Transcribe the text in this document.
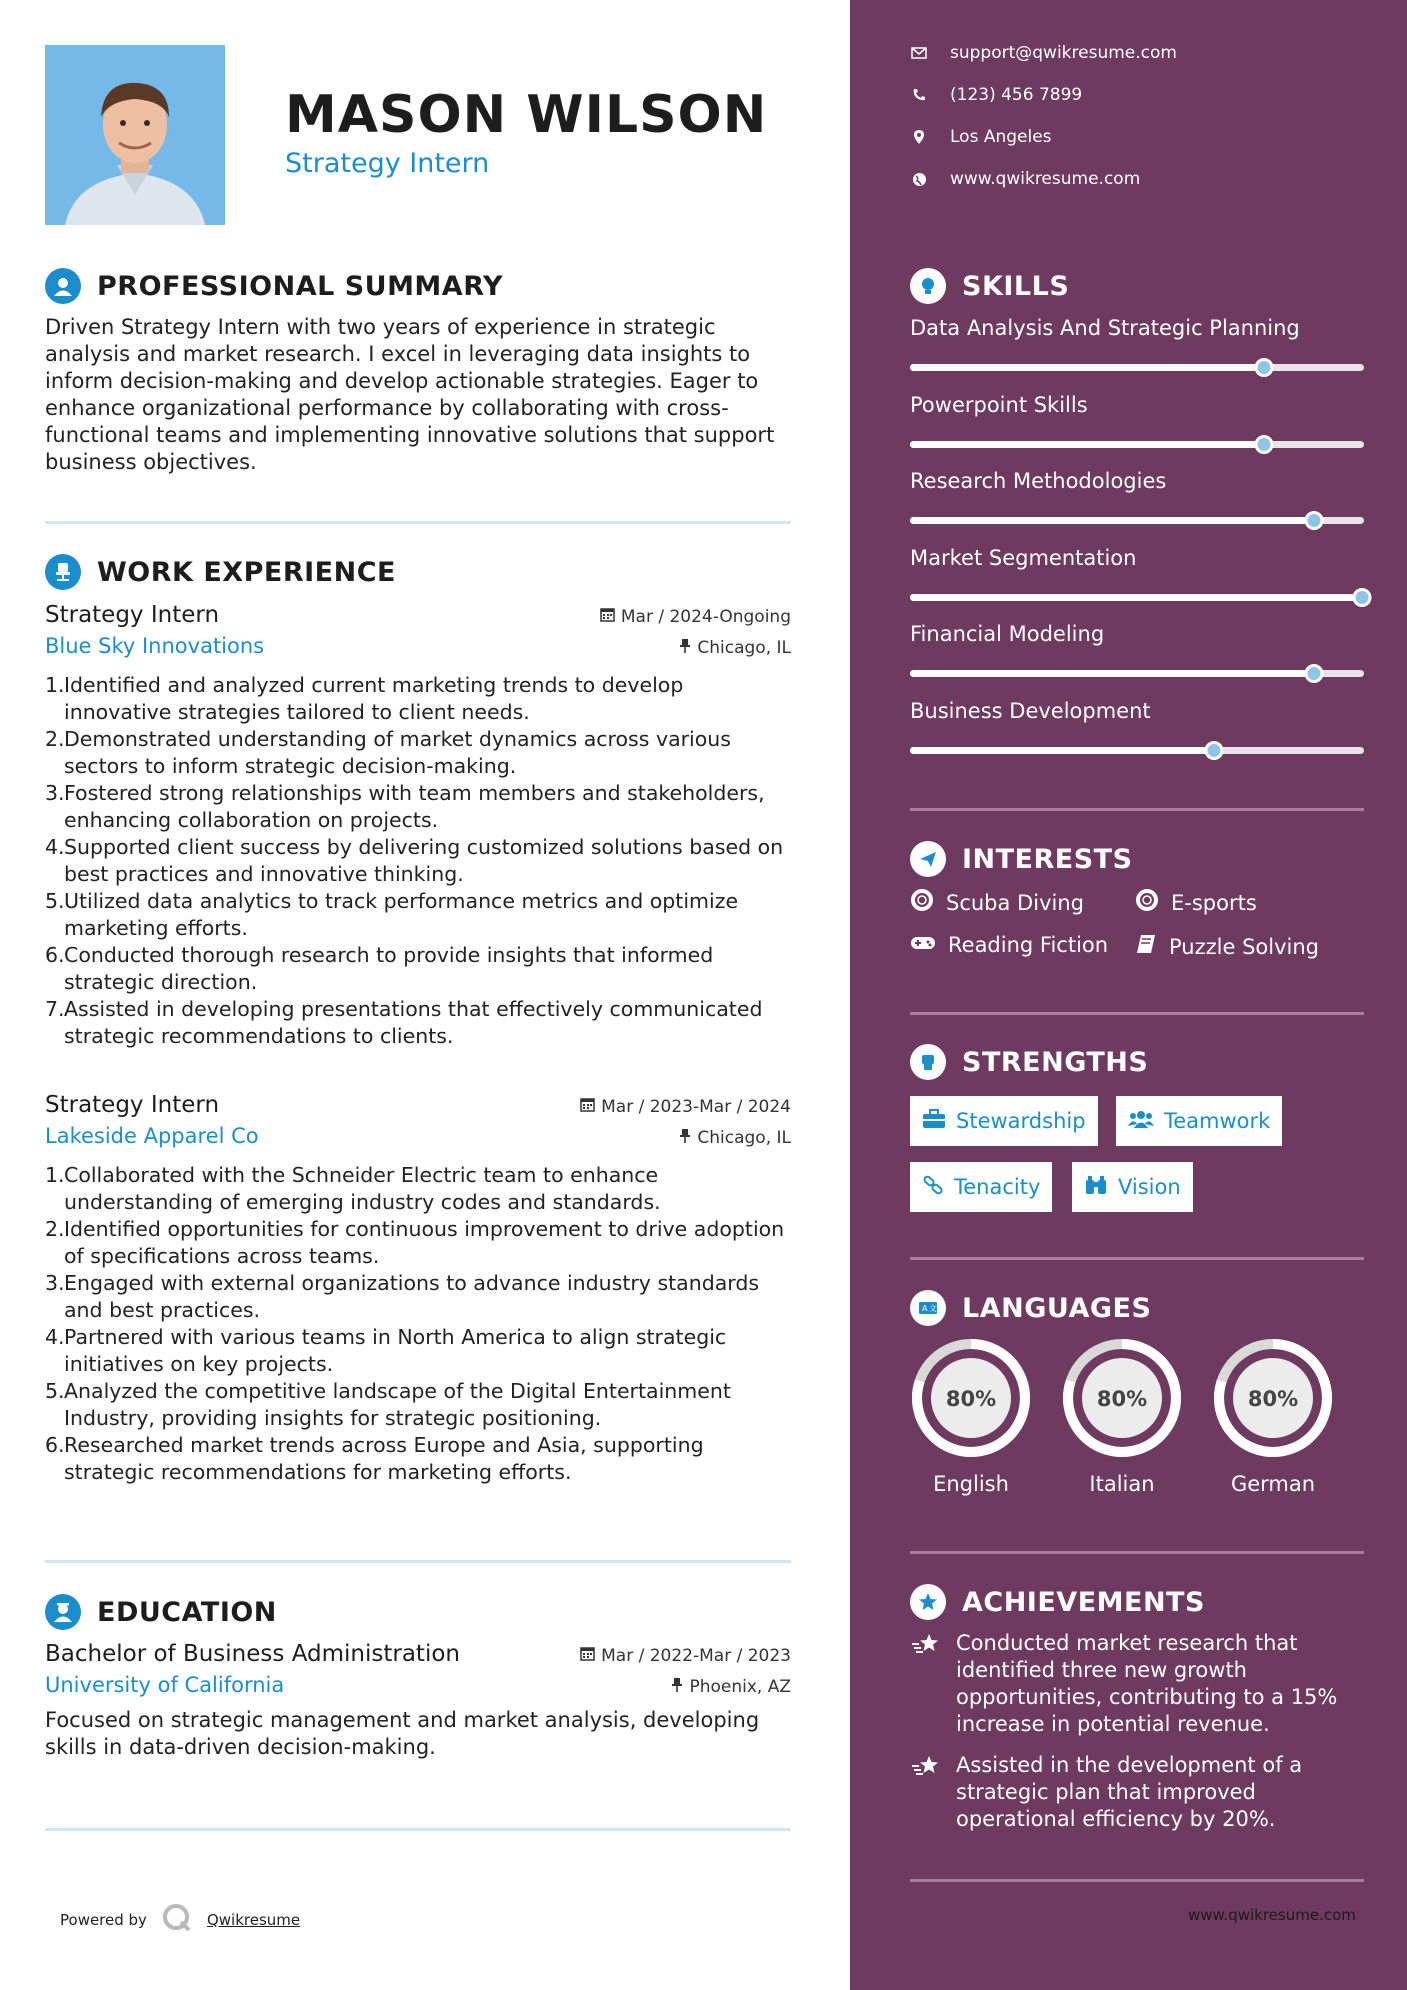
MASON WILSON
Strategy Intern
PROFESSIONAL SUMMARY
Driven Strategy Intern with two years of experience in strategic analysis and market research. I excel in leveraging data insights to inform decision-making and develop actionable strategies. Eager to enhance organizational performance by collaborating with cross-functional teams and implementing innovative solutions that support business objectives.
WORK EXPERIENCE
Strategy Intern	Mar / 2024-Ongoing
Blue Sky Innovations	Chicago, IL
1. Identified and analyzed current marketing trends to develop innovative strategies tailored to client needs.
2. Demonstrated understanding of market dynamics across various sectors to inform strategic decision-making.
3. Fostered strong relationships with team members and stakeholders, enhancing collaboration on projects.
4. Supported client success by delivering customized solutions based on best practices and innovative thinking.
5. Utilized data analytics to track performance metrics and optimize marketing efforts.
6. Conducted thorough research to provide insights that informed strategic direction.
7. Assisted in developing presentations that effectively communicated strategic recommendations to clients.
Strategy Intern	Mar / 2023-Mar / 2024
Lakeside Apparel Co	Chicago, IL
1. Collaborated with the Schneider Electric team to enhance understanding of emerging industry codes and standards.
2. Identified opportunities for continuous improvement to drive adoption of specifications across teams.
3. Engaged with external organizations to advance industry standards and best practices.
4. Partnered with various teams in North America to align strategic initiatives on key projects.
5. Analyzed the competitive landscape of the Digital Entertainment Industry, providing insights for strategic positioning.
6. Researched market trends across Europe and Asia, supporting strategic recommendations for marketing efforts.
EDUCATION
Bachelor of Business Administration	Mar / 2022-Mar / 2023
University of California	Phoenix, AZ
Focused on strategic management and market analysis, developing skills in data-driven decision-making.
Powered by	Qwikresume
support@qwikresume.com
(123) 456 7899
Los Angeles
www.qwikresume.com
SKILLS
Data Analysis And Strategic Planning
Powerpoint Skills
Research Methodologies
Market Segmentation
Financial Modeling
Business Development
INTERESTS
Scuba Diving	E-sports
Reading Fiction	Puzzle Solving
STRENGTHS
Stewardship	Teamwork
Tenacity	Vision
A 文 LANGUAGES
80%
English
80%
Italian
80%
German
ACHIEVEMENTS
Conducted market research that identified three new growth opportunities, contributing to a 15% increase in potential revenue.
Assisted in the development of a strategic plan that improved operational efficiency by 20%.
www.qwikresume.com
